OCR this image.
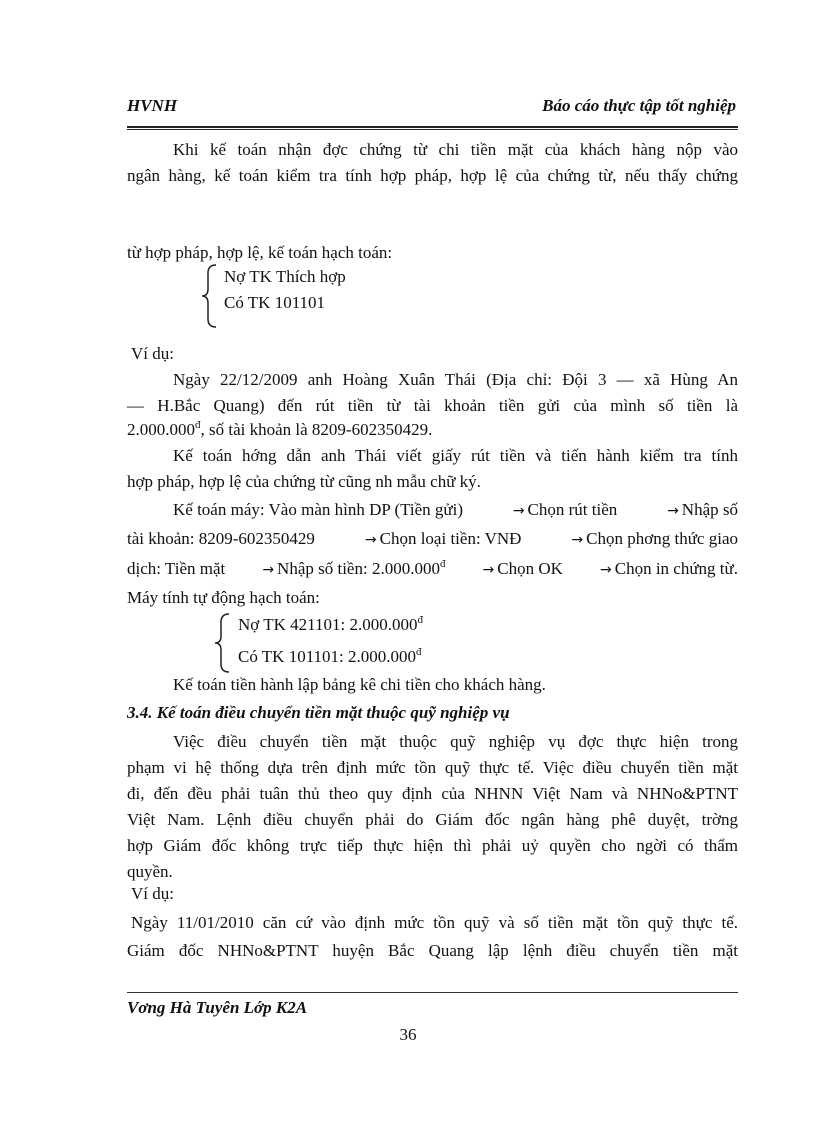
HVNH	Báo cáo thực tập tốt nghiệp
Khi kế toán nhận đợc chứng từ chi tiền mặt của khách hàng nộp vào
ngân hàng, kế toán kiểm tra tính hợp pháp, hợp lệ của chứng từ, nếu thấy chứng
từ hợp pháp, hợp lệ, kế toán hạch toán:
Nợ TK Thích hợp
Có TK 101101
Ví dụ:
Ngày 22/12/2009 anh Hoàng Xuân Thái (Địa chỉ: Đội 3 — xã Hùng An
— H.Bắc Quang) đến rút tiền từ tài khoản tiền gửi của mình số tiền là
$2.000.000^đ$, số tài khoản là 8209-602350429.
Kế toán hớng dẫn anh Thái viết giấy rút tiền và tiến hành kiểm tra tính
hợp pháp, hợp lệ của chứng từ cũng nh mẫu chữ ký.
Kế toán máy: Vào màn hình DP (Tiền gửi)	→ Chọn rút tiền	→ Nhập số
tài khoản: 8209-602350429	→ Chọn loại tiền: VNĐ	→ Chọn phơng thức giao
dịch: Tiền mặt	→ Nhập số tiền: $2.000.000^đ$	→ Chọn OK	→ Chọn in chứng từ.
Máy tính tự động hạch toán:
Nợ TK 421101: $2.000.000^đ$
Có TK 101101: $2.000.000^đ$
Kế toán tiền hành lập bảng kê chi tiền cho khách hàng.
3.4. Kế toán điều chuyển tiền mặt thuộc quỹ nghiệp vụ
Việc điều chuyển tiền mặt thuộc quỹ nghiệp vụ đợc thực hiện trong
phạm vi hệ thống dựa trên định mức tồn quỹ thực tế. Việc điều chuyển tiền mặt
đi, đến đều phải tuân thủ theo quy định của NHNN Việt Nam và NHNo&PTNT
Việt Nam. Lệnh điều chuyển phải do Giám đốc ngân hàng phê duyệt, trờng
hợp Giám đốc không trực tiếp thực hiện thì phải uỷ quyền cho ngời có thẩm
quyền.
Ví dụ:
Ngày 11/01/2010 căn cứ vào định mức tồn quỹ và số tiền mặt tồn quỹ thực tế.
Giám đốc NHNo&PTNT huyện Bắc Quang lập lệnh điều chuyển tiền mặt
Vơng Hà Tuyên Lớp K2A
36
